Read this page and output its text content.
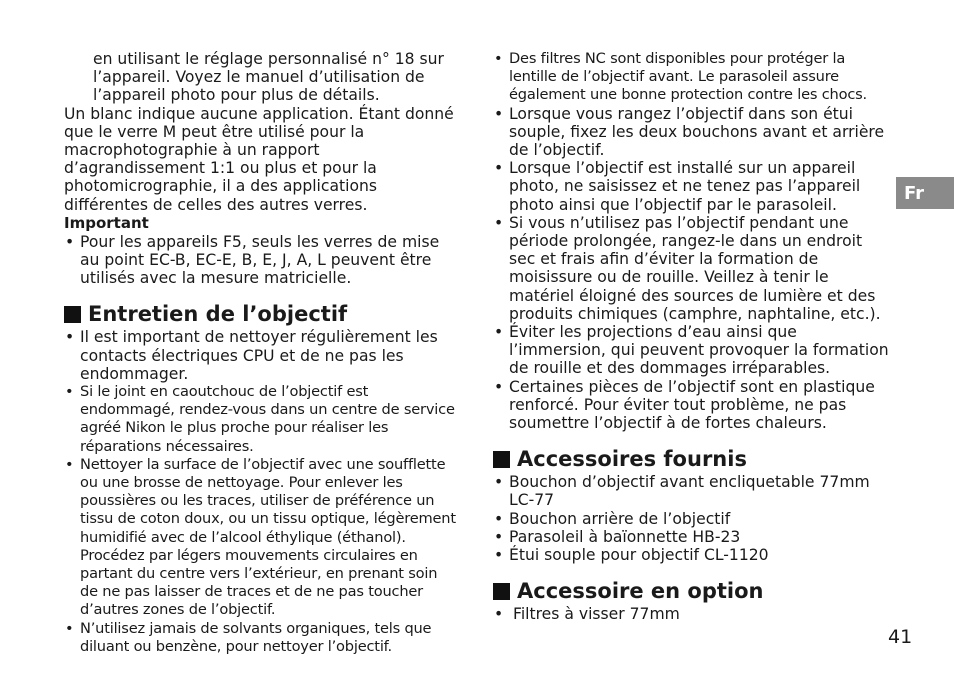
en utilisant le réglage personnalisé n° 18 sur l’appareil. Voyez le manuel d’utilisation de l’appareil photo pour plus de détails.
Un blanc indique aucune application. Étant donné que le verre M peut être utilisé pour la macrophotographie à un rapport d’agrandissement 1:1 ou plus et pour la photomicrographie, il a des applications différentes de celles des autres verres.
Important
• Pour les appareils F5, seuls les verres de mise au point EC-B, EC-E, B, E, J, A, L peuvent être utilisés avec la mesure matricielle.
Entretien de l’objectif
• Il est important de nettoyer régulièrement les contacts électriques CPU et de ne pas les endommager.
• Si le joint en caoutchouc de l’objectif est endommagé, rendez-vous dans un centre de service agréé Nikon le plus proche pour réaliser les réparations nécessaires.
• Nettoyer la surface de l’objectif avec une soufflette ou une brosse de nettoyage. Pour enlever les poussières ou les traces, utiliser de préférence un tissu de coton doux, ou un tissu optique, légèrement humidifié avec de l’alcool éthylique (éthanol). Procédez par légers mouvements circulaires en partant du centre vers l’extérieur, en prenant soin de ne pas laisser de traces et de ne pas toucher d’autres zones de l’objectif.
• N’utilisez jamais de solvants organiques, tels que diluant ou benzène, pour nettoyer l’objectif.
• Des filtres NC sont disponibles pour protéger la lentille de l’objectif avant. Le parasoleil assure également une bonne protection contre les chocs.
• Lorsque vous rangez l’objectif dans son étui souple, fixez les deux bouchons avant et arrière de l’objectif.
• Lorsque l’objectif est installé sur un appareil photo, ne saisissez et ne tenez pas l’appareil photo ainsi que l’objectif par le parasoleil.
• Si vous n’utilisez pas l’objectif pendant une période prolongée, rangez-le dans un endroit sec et frais afin d’éviter la formation de moisissure ou de rouille. Veillez à tenir le matériel éloigné des sources de lumière et des produits chimiques (camphre, naphtaline, etc.).
• Éviter les projections d’eau ainsi que l’immersion, qui peuvent provoquer la formation de rouille et des dommages irréparables.
• Certaines pièces de l’objectif sont en plastique renforcé. Pour éviter tout problème, ne pas soumettre l’objectif à de fortes chaleurs.
Accessoires fournis
• Bouchon d’objectif avant encliquetable 77mm LC-77
• Bouchon arrière de l’objectif
• Parasoleil à baïonnette HB-23
• Étui souple pour objectif CL-1120
Accessoire en option
• Filtres à visser 77mm
Fr
41
